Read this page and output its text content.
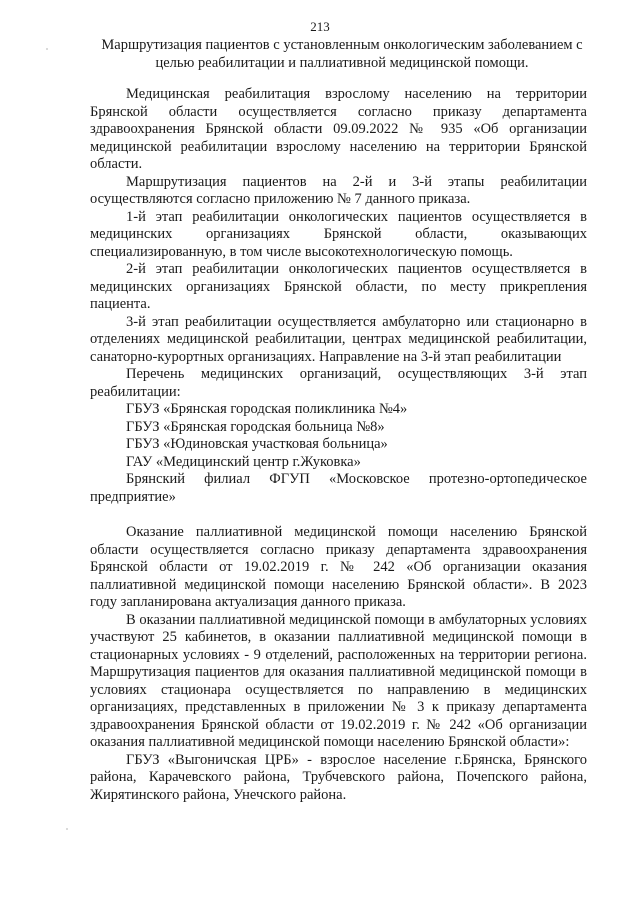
213
Маршрутизация пациентов с установленным онкологическим заболеванием с целью реабилитации и паллиативной медицинской помощи.

Медицинская реабилитация взрослому населению на территории Брянской области осуществляется согласно приказу департамента здравоохранения Брянской области 09.09.2022 № 935 «Об организации медицинской реабилитации взрослому населению на территории Брянской области.

Маршрутизация пациентов на 2-й и 3-й этапы реабилитации осуществляются согласно приложению № 7 данного приказа.

1-й этап реабилитации онкологических пациентов осуществляется в медицинских организациях Брянской области, оказывающих специализированную, в том числе высокотехнологическую помощь.

2-й этап реабилитации онкологических пациентов осуществляется в медицинских организациях Брянской области, по месту прикрепления пациента.

3-й этап реабилитации осуществляется амбулаторно или стационарно в отделениях медицинской реабилитации, центрах медицинской реабилитации, санаторно-курортных организациях. Направление на 3-й этап реабилитации

Перечень медицинских организаций, осуществляющих 3-й этап реабилитации:

ГБУЗ «Брянская городская поликлиника №4»

ГБУЗ «Брянская городская больница №8»

ГБУЗ «Юдиновская участковая больница»

ГАУ «Медицинский центр г.Жуковка»

Брянский филиал ФГУП «Московское протезно-ортопедическое предприятие»

Оказание паллиативной медицинской помощи населению Брянской области осуществляется согласно приказу департамента здравоохранения Брянской области от 19.02.2019 г. № 242 «Об организации оказания паллиативной медицинской помощи населению Брянской области». В 2023 году запланирована актуализация данного приказа.

В оказании паллиативной медицинской помощи в амбулаторных условиях участвуют 25 кабинетов, в оказании паллиативной медицинской помощи в стационарных условиях - 9 отделений, расположенных на территории региона. Маршрутизация пациентов для оказания паллиативной медицинской помощи в условиях стационара осуществляется по направлению в медицинских организациях, представленных в приложении № 3 к приказу департамента здравоохранения Брянской области от 19.02.2019 г. № 242 «Об организации оказания паллиативной медицинской помощи населению Брянской области»:

ГБУЗ «Выгоничская ЦРБ» - взрослое население г.Брянска, Брянского района, Карачевского района, Трубчевского района, Почепского района, Жирятинского района, Унечского района.
